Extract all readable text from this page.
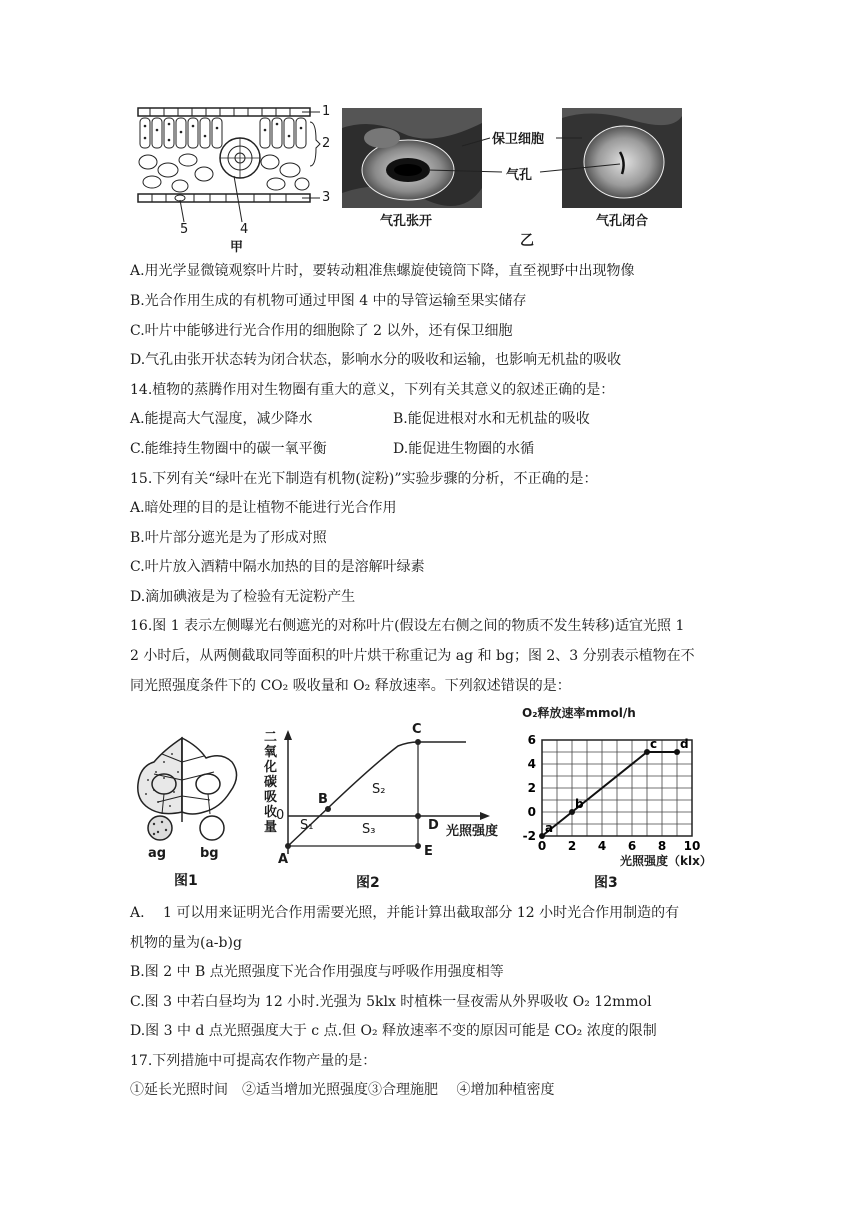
1
2
3
5	4
甲
保卫细胞
气孔
气孔张开	气孔闭合
乙
A.用光学显微镜观察叶片时，要转动粗准焦螺旋使镜筒下降，直至视野中出现物像
B.光合作用生成的有机物可通过甲图 4 中的导管运输至果实储存
C.叶片中能够进行光合作用的细胞除了 2 以外，还有保卫细胞
D.气孔由张开状态转为闭合状态，影响水分的吸收和运输，也影响无机盐的吸收
14.植物的蒸腾作用对生物圈有重大的意义，下列有关其意义的叙述正确的是：
A.能提高大气湿度，减少降水	B.能促进根对水和无机盐的吸收
C.能维持生物圈中的碳一氧平衡	D.能促进生物圈的水循
15.下列有关“绿叶在光下制造有机物(淀粉)”实验步骤的分析，不正确的是：
A.暗处理的目的是让植物不能进行光合作用
B.叶片部分遮光是为了形成对照
C.叶片放入酒精中隔水加热的目的是溶解叶绿素
D.滴加碘液是为了检验有无淀粉产生
16.图 1 表示左侧曝光右侧遮光的对称叶片(假设左右侧之间的物质不发生转移)适宜光照 1
2 小时后，从两侧截取同等面积的叶片烘干称重记为 ag 和 bg；图 2、3 分别表示植物在不
同光照强度条件下的 CO₂ 吸收量和 O₂ 释放速率。下列叙述错误的是：
ag	bg
图1
二氧化碳吸收量
0
A
B
C
D
E
S₁
S₂
S₃	光照强度
图2
O₂释放速率mmol/h
0 2 4 6 8 10
-2
0
2
4
6
a
b
c d
光照强度（klx）
图3
A.　 1 可以用来证明光合作用需要光照，并能计算出截取部分 12 小时光合作用制造的有
机物的量为(a-b)g
B.图 2 中 B 点光照强度下光合作用强度与呼吸作用强度相等
C.图 3 中若白昼均为 12 小时.光强为 5klx 时植株一昼夜需从外界吸收 O₂ 12mmol
D.图 3 中 d 点光照强度大于 c 点.但 O₂ 释放速率不变的原因可能是 CO₂ 浓度的限制
17.下列措施中可提高农作物产量的是：
①延长光照时间　②适当增加光照强度③合理施肥　 ④增加种植密度
